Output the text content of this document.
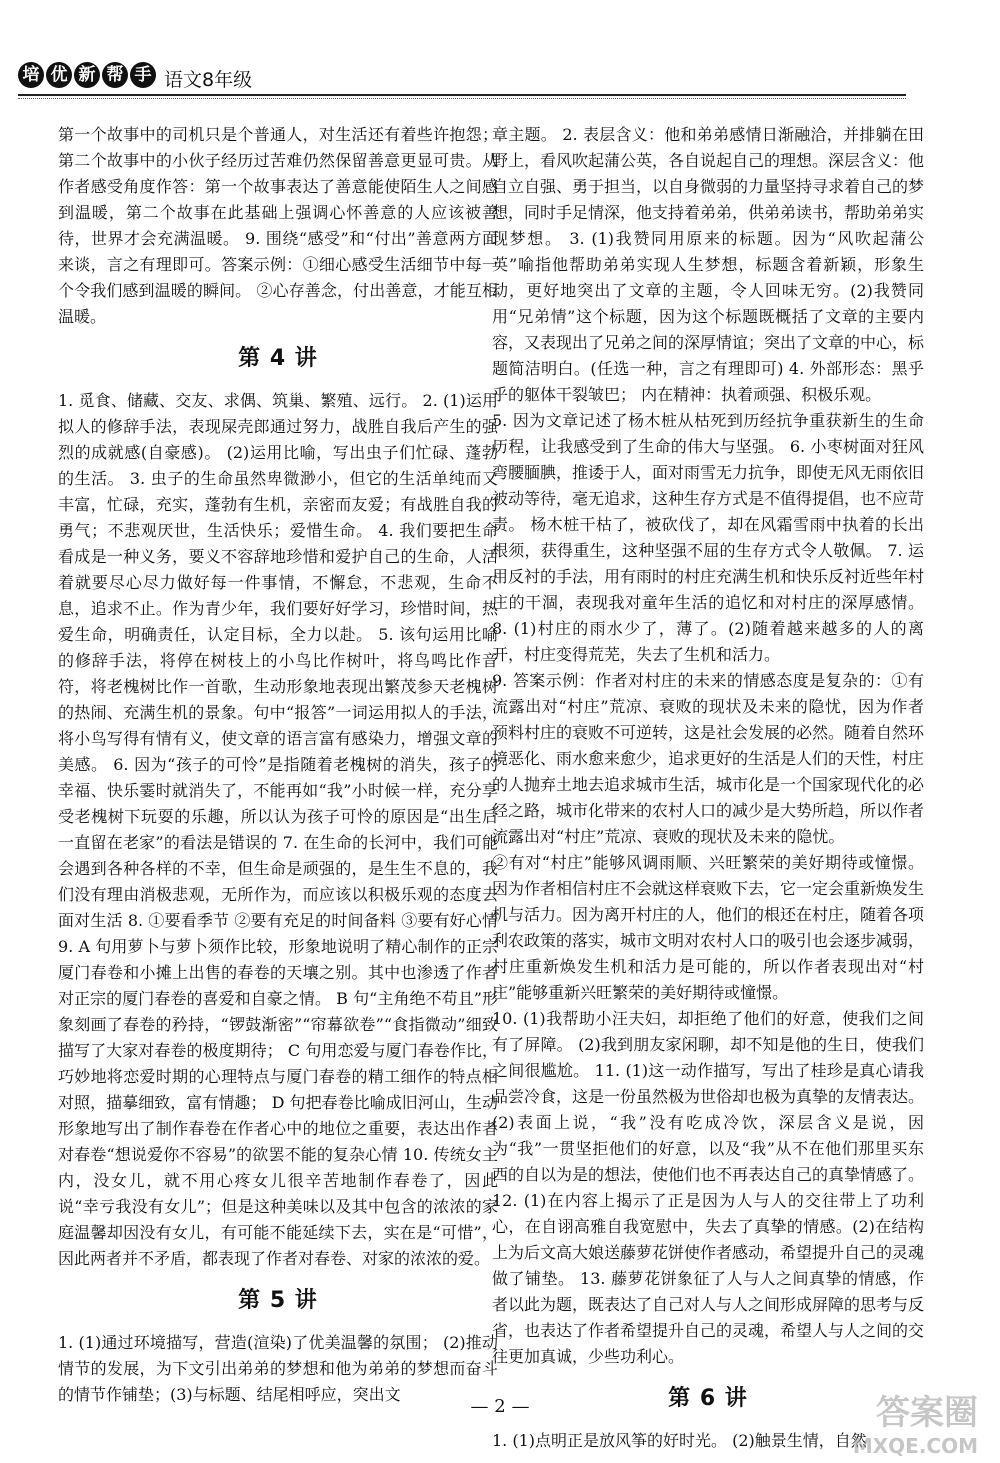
培 优 新 帮 手 语文8年级

第一个故事中的司机只是个普通人，对生活还有着些许抱怨；第二个故事中的小伙子经历过苦难仍然保留善意更显可贵。从作者感受角度作答：第一个故事表达了善意能使陌生人之间感到温暖，第二个故事在此基础上强调心怀善意的人应该被善待，世界才会充满温暖。 9. 围绕“感受”和“付出”善意两方面来谈，言之有理即可。答案示例：①细心感受生活细节中每一个令我们感到温暖的瞬间。 ②心存善念，付出善意，才能互相温暖。

第 4 讲

1. 觅食、储藏、交友、求偶、筑巢、繁殖、远行。 2. (1)运用拟人的修辞手法，表现屎壳郎通过努力，战胜自我后产生的强烈的成就感(自豪感)。 (2)运用比喻，写出虫子们忙碌、蓬勃的生活。 3. 虫子的生命虽然卑微渺小，但它的生活单纯而又丰富，忙碌，充实，蓬勃有生机，亲密而友爱；有战胜自我的勇气；不悲观厌世，生活快乐；爱惜生命。 4. 我们要把生命看成是一种义务，要义不容辞地珍惜和爱护自己的生命，人活着就要尽心尽力做好每一件事情，不懈怠，不悲观，生命不息，追求不止。作为青少年，我们要好好学习，珍惜时间，热爱生命，明确责任，认定目标，全力以赴。 5. 该句运用比喻的修辞手法，将停在树枝上的小鸟比作树叶，将鸟鸣比作音符，将老槐树比作一首歌，生动形象地表现出繁茂参天老槐树的热闹、充满生机的景象。句中“报答”一词运用拟人的手法，将小鸟写得有情有义，使文章的语言富有感染力，增强文章的美感。 6. 因为“孩子的可怜”是指随着老槐树的消失，孩子的幸福、快乐霎时就消失了，不能再如“我”小时候一样，充分享受老槐树下玩耍的乐趣，所以认为孩子可怜的原因是“出生后一直留在老家”的看法是错误的 7. 在生命的长河中，我们可能会遇到各种各样的不幸，但生命是顽强的，是生生不息的，我们没有理由消极悲观，无所作为，而应该以积极乐观的态度去面对生活 8. ①要看季节 ②要有充足的时间备料 ③要有好心情 9. A 句用萝卜与萝卜须作比较，形象地说明了精心制作的正宗厦门春卷和小摊上出售的春卷的天壤之别。其中也渗透了作者对正宗的厦门春卷的喜爱和自豪之情。 B 句“主角绝不苟且”形象刻画了春卷的矜持，“锣鼓渐密”“帘幕欲卷”“食指微动”细致描写了大家对春卷的极度期待； C 句用恋爱与厦门春卷作比，巧妙地将恋爱时期的心理特点与厦门春卷的精工细作的特点相对照，描摹细致，富有情趣； D 句把春卷比喻成旧河山，生动形象地写出了制作春卷在作者心中的地位之重要，表达出作者对春卷“想说爱你不容易”的欲罢不能的复杂心情 10. 传统女主内，没女儿，就不用心疼女儿很辛苦地制作春卷了，因此说“幸亏我没有女儿”；但是这种美味以及其中包含的浓浓的家庭温馨却因没有女儿，有可能不能延续下去，实在是“可惜”，因此两者并不矛盾，都表现了作者对春卷、对家的浓浓的爱。

第 5 讲

1. (1)通过环境描写，营造(渲染)了优美温馨的氛围； (2)推动情节的发展，为下文引出弟弟的梦想和他为弟弟的梦想而奋斗的情节作铺垫；(3)与标题、结尾相呼应，突出文

章主题。 2. 表层含义：他和弟弟感情日渐融洽，并排躺在田野上，看风吹起蒲公英，各自说起自己的理想。深层含义：他自立自强、勇于担当，以自身微弱的力量坚持寻求着自己的梦想，同时手足情深，他支持着弟弟，供弟弟读书，帮助弟弟实现梦想。 3. (1)我赞同用原来的标题。因为“风吹起蒲公英”喻指他帮助弟弟实现人生梦想，标题含着新颖，形象生动，更好地突出了文章的主题，令人回味无穷。(2)我赞同用“兄弟情”这个标题，因为这个标题既概括了文章的主要内容，又表现出了兄弟之间的深厚情谊；突出了文章的中心，标题简洁明白。(任选一种，言之有理即可) 4. 外部形态：黑乎乎的躯体干裂皱巴； 内在精神：执着顽强、积极乐观。

5. 因为文章记述了杨木桩从枯死到历经抗争重获新生的生命历程，让我感受到了生命的伟大与坚强。 6. 小枣树面对狂风弯腰腼腆，推诿于人，面对雨雪无力抗争，即使无风无雨依旧被动等待，毫无追求，这种生存方式是不值得提倡，也不应苛责。 杨木桩干枯了，被砍伐了，却在风霜雪雨中执着的长出根须，获得重生，这种坚强不屈的生存方式令人敬佩。 7. 运用反衬的手法，用有雨时的村庄充满生机和快乐反衬近些年村庄的干涸，表现我对童年生活的追忆和对村庄的深厚感情。 8. (1)村庄的雨水少了，薄了。(2)随着越来越多的人的离开，村庄变得荒芜，失去了生机和活力。

9. 答案示例：作者对村庄的未来的情感态度是复杂的：①有流露出对“村庄”荒凉、衰败的现状及未来的隐忧，因为作者预料村庄的衰败不可逆转，这是社会发展的必然。随着自然环境恶化、雨水愈来愈少，追求更好的生活是人们的天性，村庄的人抛弃土地去追求城市生活，城市化是一个国家现代化的必经之路，城市化带来的农村人口的减少是大势所趋，所以作者流露出对“村庄”荒凉、衰败的现状及未来的隐忧。

②有对“村庄”能够风调雨顺、兴旺繁荣的美好期待或憧憬。因为作者相信村庄不会就这样衰败下去，它一定会重新焕发生机与活力。因为离开村庄的人，他们的根还在村庄，随着各项利农政策的落实，城市文明对农村人口的吸引也会逐步减弱，村庄重新焕发生机和活力是可能的，所以作者表现出对“村庄”能够重新兴旺繁荣的美好期待或憧憬。

10. (1)我帮助小汪夫妇，却拒绝了他们的好意，使我们之间有了屏障。 (2)我到朋友家闲聊，却不知是他的生日，使我们之间很尴尬。 11. (1)这一动作描写，写出了桂珍是真心请我品尝冷食，这是一份虽然极为世俗却也极为真挚的友情表达。(2)表面上说，“我”没有吃成冷饮，深层含义是说，因为“我”一贯坚拒他们的好意，以及“我”从不在他们那里买东西的自以为是的想法，使他们也不再表达自己的真挚情感了。 12. (1)在内容上揭示了正是因为人与人的交往带上了功利心，在自诩高雅自我宽慰中，失去了真挚的情感。(2)在结构上为后文高大娘送藤萝花饼使作者感动，希望提升自己的灵魂做了铺垫。 13. 藤萝花饼象征了人与人之间真挚的情感，作者以此为题，既表达了自己对人与人之间形成屏障的思考与反省，也表达了作者希望提升自己的灵魂，希望人与人之间的交往更加真诚，少些功利心。

第 6 讲

1. (1)点明正是放风筝的好时光。 (2)触景生情，自然

— 2 —	答案圈
MXQE.COM
